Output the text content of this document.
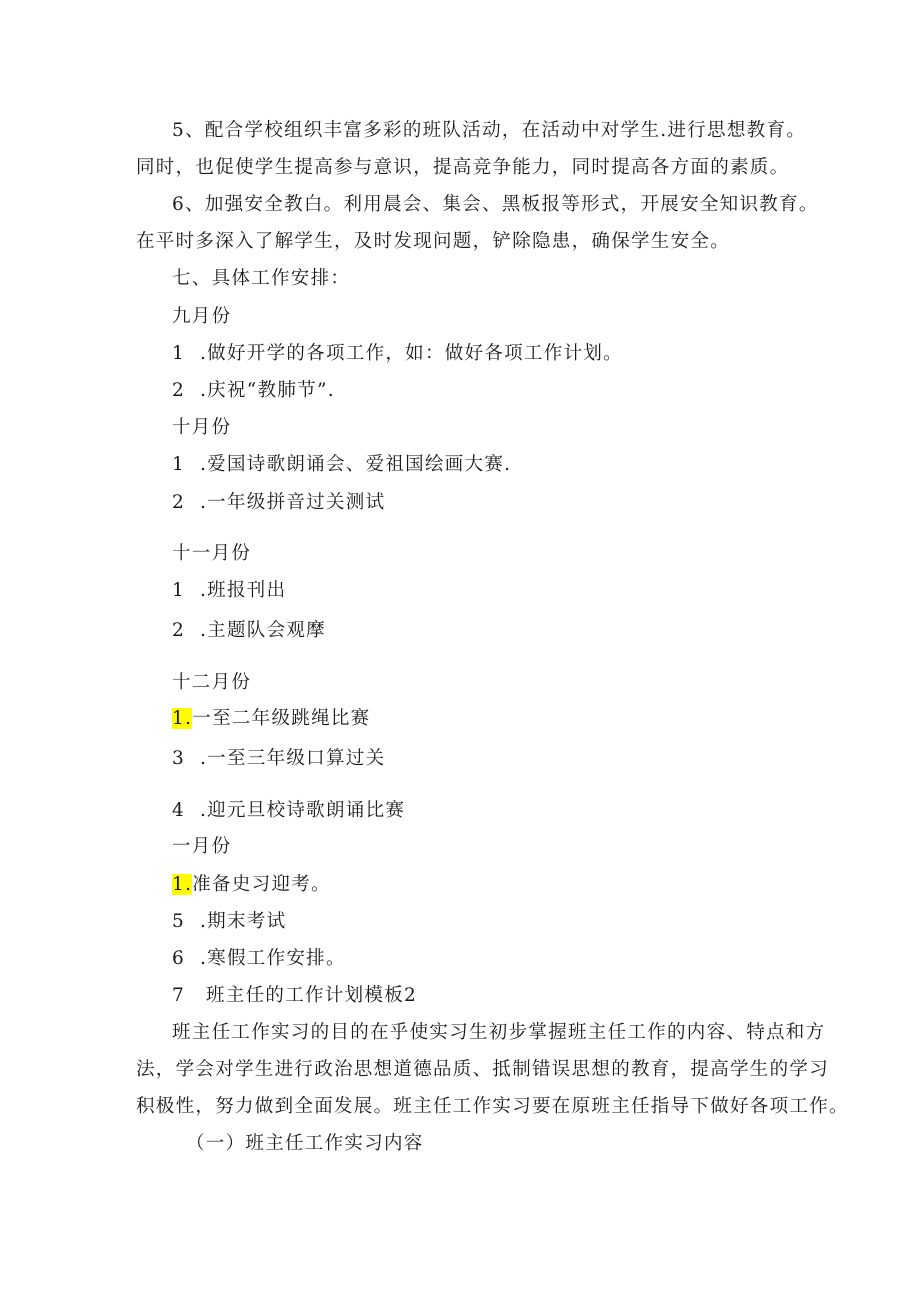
5、配合学校组织丰富多彩的班队活动，在活动中对学生.进行思想教育。
同时，也促使学生提高参与意识，提高竞争能力，同时提高各方面的素质。
6、加强安全教白。利用晨会、集会、黑板报等形式，开展安全知识教育。
在平时多深入了解学生，及时发现问题，铲除隐患，确保学生安全。
七、具体工作安排：
九月份
1 .做好开学的各项工作，如：做好各项工作计划。
2 .庆祝“教肺节”.
十月份
1 .爱国诗歌朗诵会、爱祖国绘画大赛.
2 .一年级拼音过关测试
十一月份
1 .班报刊出
2 .主题队会观摩
十二月份
1.一至二年级跳绳比赛
3 .一至三年级口算过关
4 .迎元旦校诗歌朗诵比赛
一月份
1.准备史习迎考。
5 .期末考试
6 .寒假工作安排。
7 班主任的工作计划模板2
班主任工作实习的目的在乎使实习生初步掌握班主任工作的内容、特点和方
法，学会对学生进行政治思想道德品质、抵制错误思想的教育，提高学生的学习
积极性，努力做到全面发展。班主任工作实习要在原班主任指导下做好各项工作。
（一）班主任工作实习内容
